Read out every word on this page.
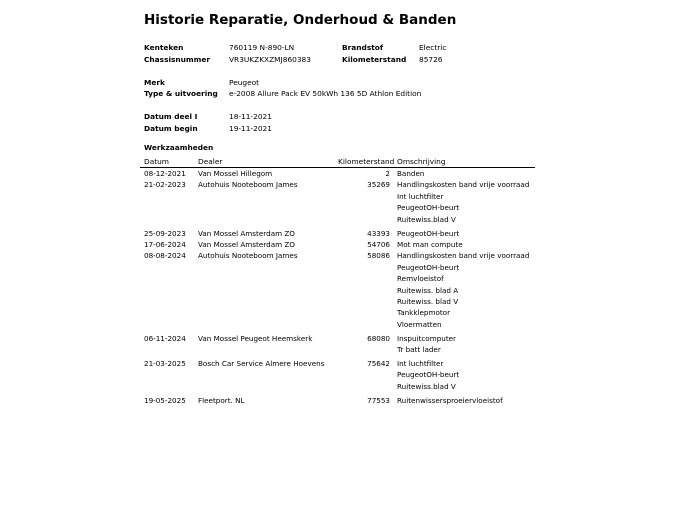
Historie Reparatie, Onderhoud & Banden
Kenteken	760119 N-890-LN	Brandstof	Electric
Chassisnummer	VR3UKZKXZMJ860383	Kilometerstand 85726
Merk	Peugeot
Type & uitvoering e-2008 Allure Pack EV 50kWh 136 5D Athlon Edition
Datum deel I	18-11-2021
Datum begin	19-11-2021
Werkzaamheden
Datum	Dealer	Kilometerstand Omschrijving
08-12-2021 Van Mossel Hillegom	2 Banden
21-02-2023 Autohuis Nooteboom James	35269 Handlingskosten band vrije voorraad
Int luchtfilter
PeugeotOH-beurt
Ruitewiss.blad V
25-09-2023 Van Mossel Amsterdam ZO	43393 PeugeotOH-beurt
17-06-2024 Van Mossel Amsterdam ZO	54706 Mot man compute
08-08-2024 Autohuis Nooteboom James	58086 Handlingskosten band vrije voorraad
PeugeotOH-beurt
Remvloeistof
Ruitewiss. blad A
Ruitewiss. blad V
Tankklepmotor
Vloermatten
06-11-2024 Van Mossel Peugeot Heemskerk	68080 Inspuitcomputer
Tr batt lader
21-03-2025 Bosch Car Service Almere Hoevens	75642 Int luchtfilter
PeugeotOH-beurt
Ruitewiss.blad V
19-05-2025 Fleetport. NL	77553 Ruitenwissersproeiervloeistof
